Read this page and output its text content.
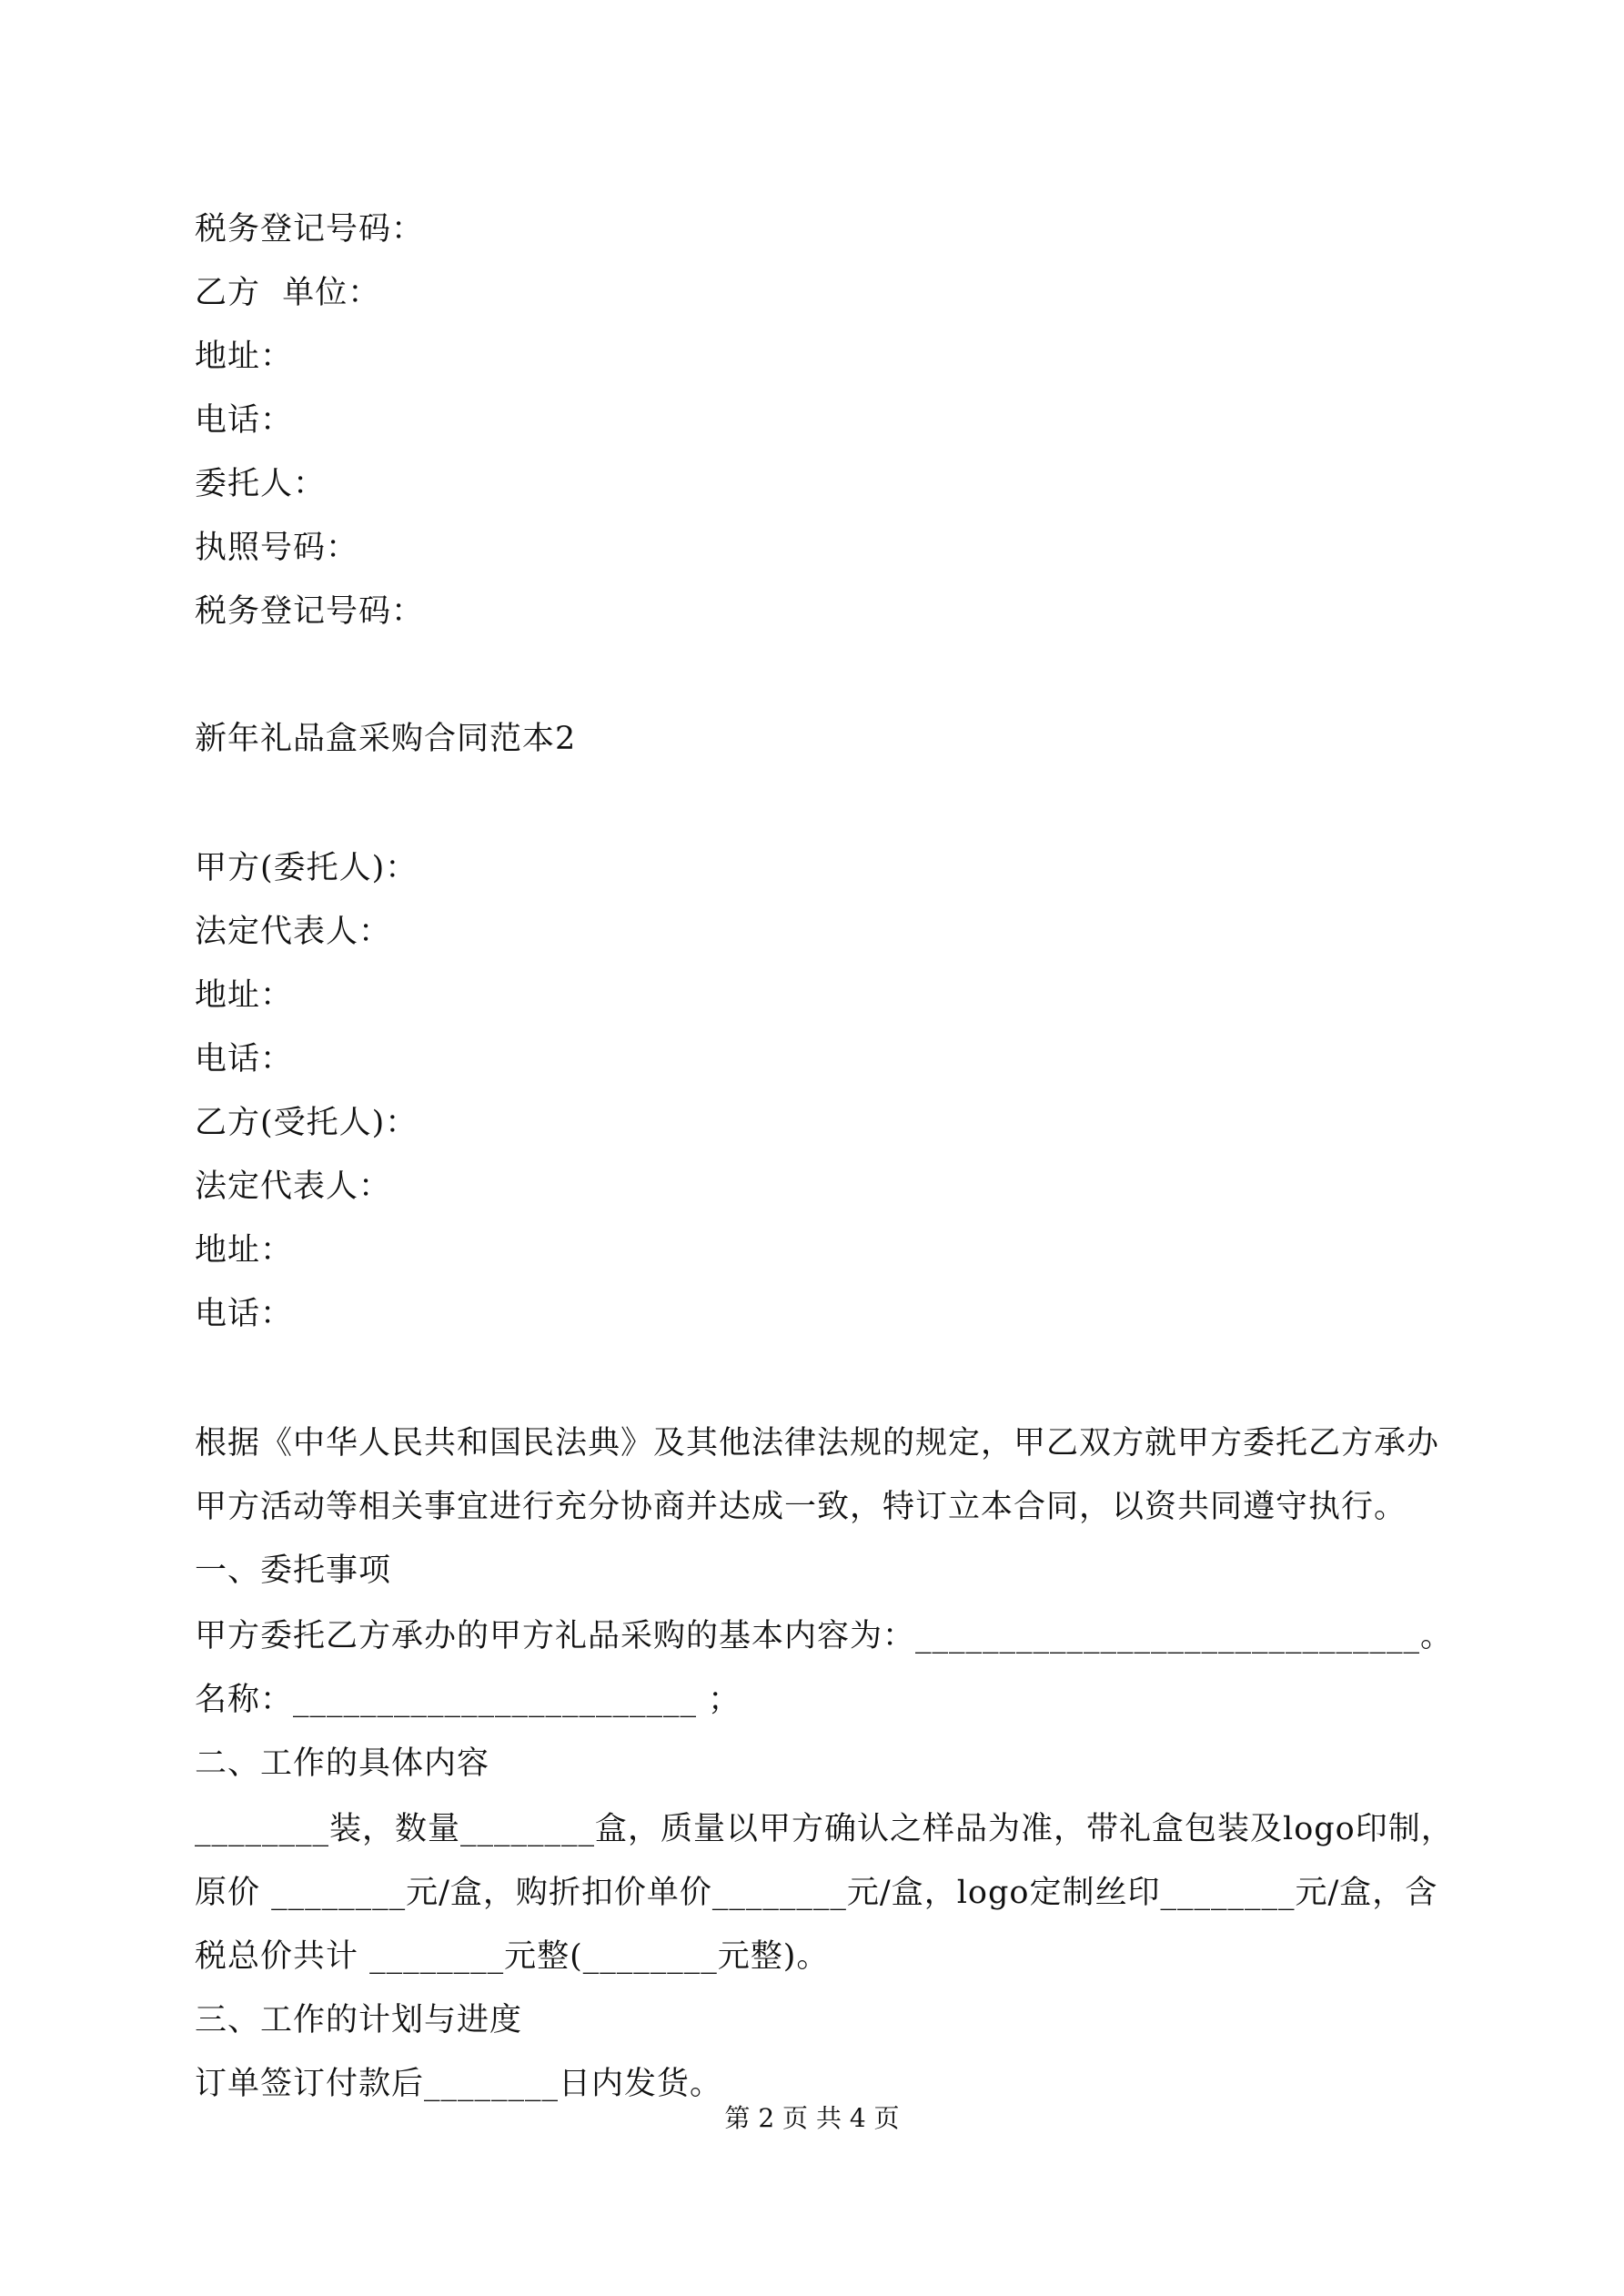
税务登记号码：
乙方  单位：
地址：
电话：
委托人：
执照号码：
税务登记号码：
新年礼品盒采购合同范本2
甲方(委托人)：
法定代表人：
地址：
电话：
乙方(受托人)：
法定代表人：
地址：
电话：
根据《中华人民共和国民法典》及其他法律法规的规定，甲乙双方就甲方委托乙方承办
甲方活动等相关事宜进行充分协商并达成一致，特订立本合同，以资共同遵守执行。
一、委托事项
甲方委托乙方承办的甲方礼品采购的基本内容为：______________________________。
名称：________________________ ；
二、工作的具体内容
________装，数量________盒，质量以甲方确认之样品为准，带礼盒包装及logo印制，
原价 ________元/盒，购折扣价单价________元/盒，logo定制丝印________元/盒，含
税总价共计 ________元整(________元整)。
三、工作的计划与进度
订单签订付款后________日内发货。
第 2 页 共 4 页
